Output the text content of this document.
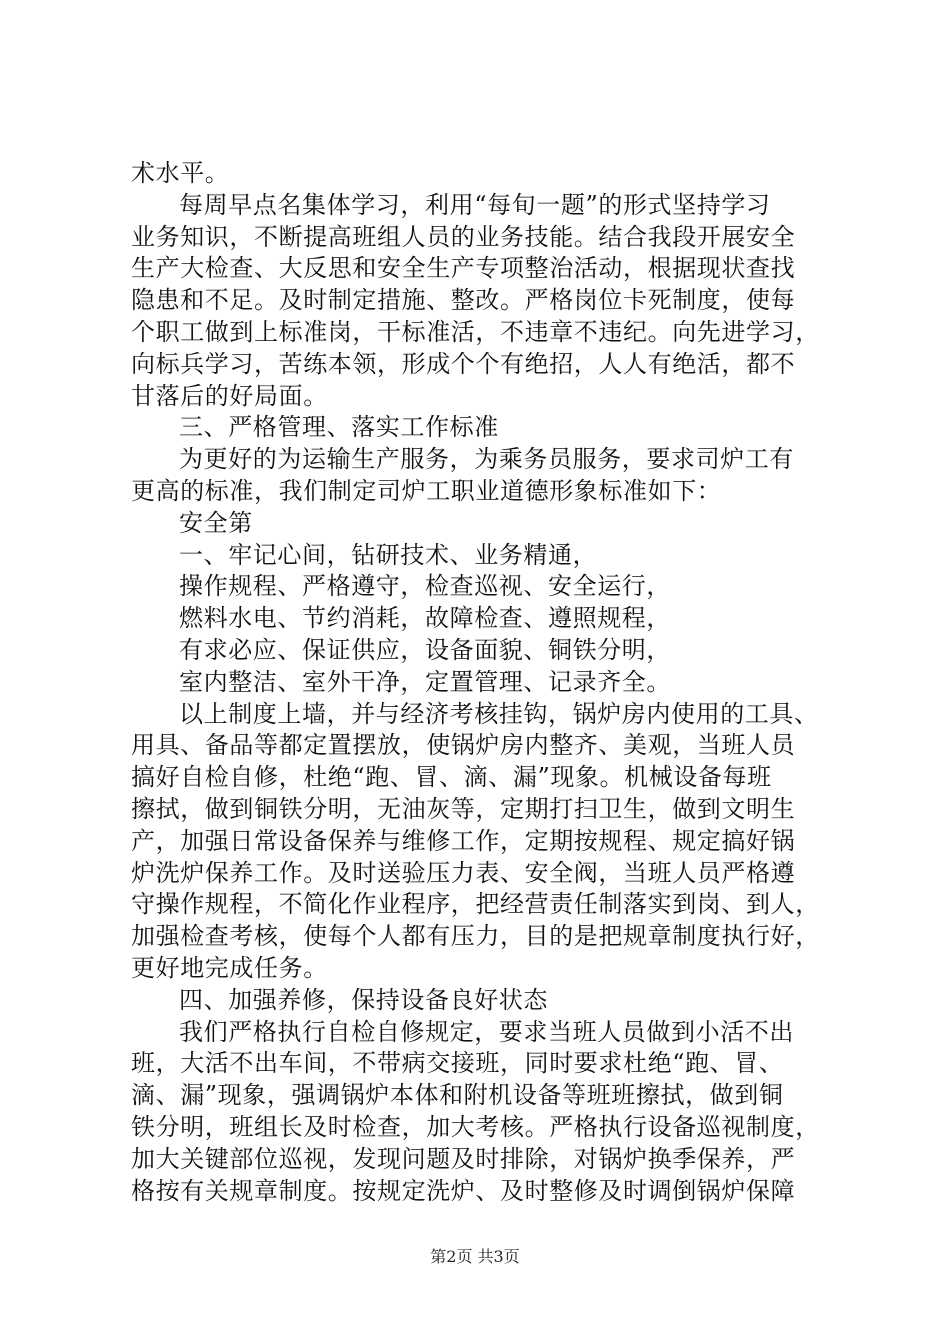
术水平。
每周早点名集体学习，利用“每旬一题”的形式坚持学习
业务知识，不断提高班组人员的业务技能。结合我段开展安全
生产大检查、大反思和安全生产专项整治活动，根据现状查找
隐患和不足。及时制定措施、整改。严格岗位卡死制度，使每
个职工做到上标准岗，干标准活，不违章不违纪。向先进学习，
向标兵学习，苦练本领，形成个个有绝招，人人有绝活，都不
甘落后的好局面。
三、严格管理、落实工作标准
为更好的为运输生产服务，为乘务员服务，要求司炉工有
更高的标准，我们制定司炉工职业道德形象标准如下：
安全第
一、牢记心间，钻研技术、业务精通，
操作规程、严格遵守，检查巡视、安全运行，
燃料水电、节约消耗，故障检查、遵照规程，
有求必应、保证供应，设备面貌、铜铁分明，
室内整洁、室外干净，定置管理、记录齐全。
以上制度上墙，并与经济考核挂钩，锅炉房内使用的工具、
用具、备品等都定置摆放，使锅炉房内整齐、美观，当班人员
搞好自检自修，杜绝“跑、冒、滴、漏”现象。机械设备每班
擦拭，做到铜铁分明，无油灰等，定期打扫卫生，做到文明生
产，加强日常设备保养与维修工作，定期按规程、规定搞好锅
炉洗炉保养工作。及时送验压力表、安全阀，当班人员严格遵
守操作规程，不简化作业程序，把经营责任制落实到岗、到人，
加强检查考核，使每个人都有压力，目的是把规章制度执行好，
更好地完成任务。
四、加强养修，保持设备良好状态
我们严格执行自检自修规定，要求当班人员做到小活不出
班，大活不出车间，不带病交接班，同时要求杜绝“跑、冒、
滴、漏”现象，强调锅炉本体和附机设备等班班擦拭，做到铜
铁分明，班组长及时检查，加大考核。严格执行设备巡视制度，
加大关键部位巡视，发现问题及时排除，对锅炉换季保养，严
格按有关规章制度。按规定洗炉、及时整修及时调倒锅炉保障
第2页 共3页
